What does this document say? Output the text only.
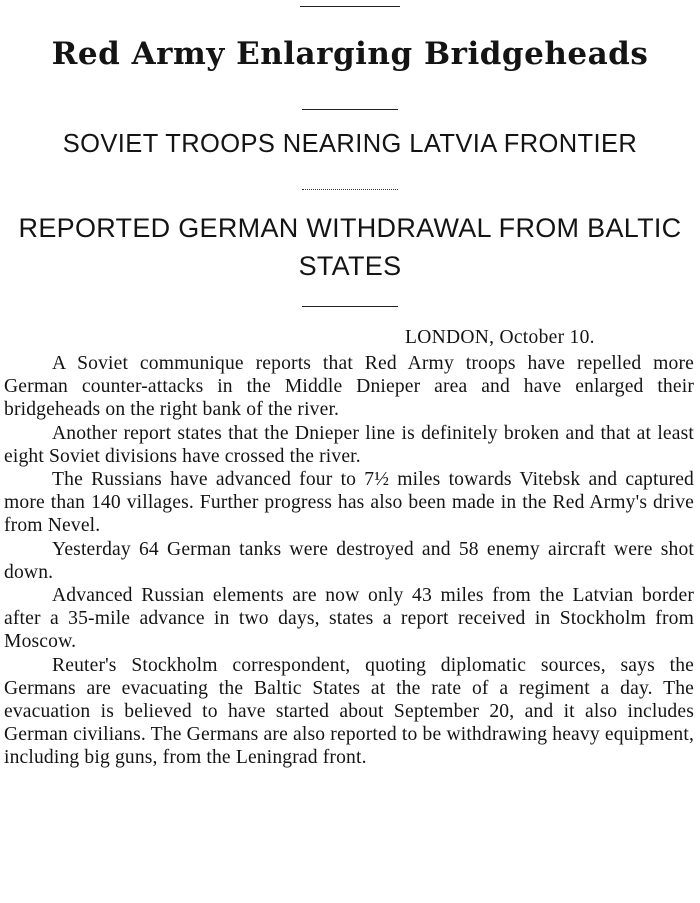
Red Army Enlarging Bridgeheads
SOVIET TROOPS NEARING LATVIA FRONTIER
REPORTED GERMAN WITHDRAWAL FROM BALTIC STATES
LONDON, October 10.

A Soviet communique reports that Red Army troops have repelled more German counter-attacks in the Middle Dnieper area and have enlarged their bridgeheads on the right bank of the river.

Another report states that the Dnieper line is definitely broken and that at least eight Soviet divisions have crossed the river.

The Russians have advanced four to 7½ miles towards Vitebsk and captured more than 140 villages. Further progress has also been made in the Red Army's drive from Nevel.

Yesterday 64 German tanks were destroyed and 58 enemy aircraft were shot down.

Advanced Russian elements are now only 43 miles from the Latvian border after a 35-mile advance in two days, states a report received in Stockholm from Moscow.

Reuter's Stockholm correspondent, quoting diplomatic sources, says the Germans are evacuating the Baltic States at the rate of a regiment a day. The evacuation is believed to have started about September 20, and it also includes German civilians. The Germans are also reported to be withdrawing heavy equipment, including big guns, from the Leningrad front.
